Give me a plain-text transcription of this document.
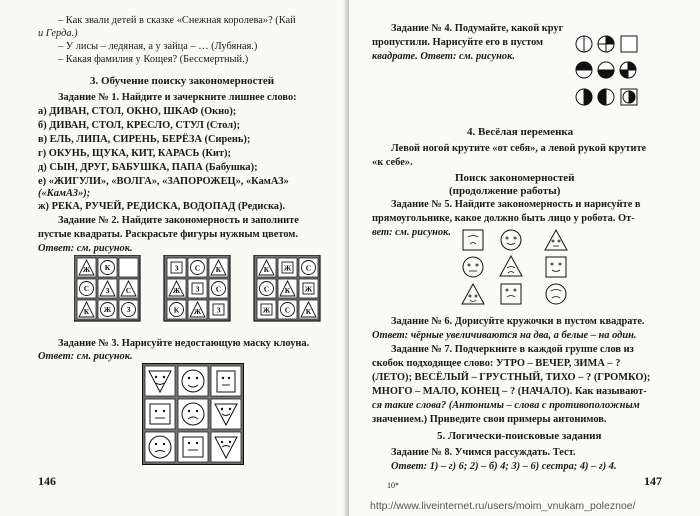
– Как звали детей в сказке «Снежная королева»? (Кай
и Герда.)
– У лисы – ледяная, а у зайца – … (Лубяная.)
– Какая фамилия у Кощея? (Бессмертный.)
3. Обучение поиску закономерностей
Задание № 1. Найдите и зачеркните лишнее слово:
а) ДИВАН, СТОЛ, ОКНО, ШКАФ (Окно);
б) ДИВАН, СТОЛ, КРЕСЛО, СТУЛ (Стол);
в) ЕЛЬ, ЛИПА, СИРЕНЬ, БЕРЁЗА (Сирень);
г) ОКУНЬ, ЩУКА, КИТ, КАРАСЬ (Кит);
д) СЫН, ДРУГ, БАБУШКА, ПАПА (Бабушка);
е) «ЖИГУЛИ», «ВОЛГА», «ЗАПОРОЖЕЦ», «КамАЗ»
(«КамАЗ»);
ж) РЕКА, РУЧЕЙ, РЕДИСКА, ВОДОПАД (Редиска).
Задание № 2. Найдите закономерность и заполните
пустые квадраты. Раскрасьте фигуры нужным цветом.
Ответ: см. рисунок.
Ж К
С З С
К Ж З
З С К
Ж З С
К Ж З
К Ж С
С К Ж
Ж С К
Задание № 3. Нарисуйте недостающую маску клоуна.
Ответ: см. рисунок.
146
Задание № 4. Подумайте, какой круг
пропустили. Нарисуйте его в пустом
квадрате. Ответ: см. рисунок.
4. Весёлая переменка
Левой ногой крутите «от себя», а левой рукой крутите
«к себе».
Поиск закономерностей
(продолжение работы)
Задание № 5. Найдите закономерность и нарисуйте в
прямоугольнике, какое должно быть лицо у робота. От-
вет: см. рисунок.
Задание № 6. Дорисуйте кружочки в пустом квадрате.
Ответ: чёрные увеличиваются на два, а белые – на один.
Задание № 7. Подчеркните в каждой группе слов из
скобок подходящее слово: УТРО – ВЕЧЕР, ЗИМА – ?
(ЛЕТО); ВЕСЁЛЫЙ – ГРУСТНЫЙ, ТИХО – ? (ГРОМКО);
МНОГО – МАЛО, КОНЕЦ – ? (НАЧАЛО). Как называют-
ся такие слова? (Антонимы – слова с противоположным
значением.) Приведите свои примеры антонимов.
5. Логически-поисковые задания
Задание № 8. Учимся рассуждать. Тест.
Ответ: 1) – г) 6; 2) – б) 4; 3) – 6) сестра; 4) – г) 4.
10*	147
http://www.liveinternet.ru/users/moim_vnukam_poleznoe/
